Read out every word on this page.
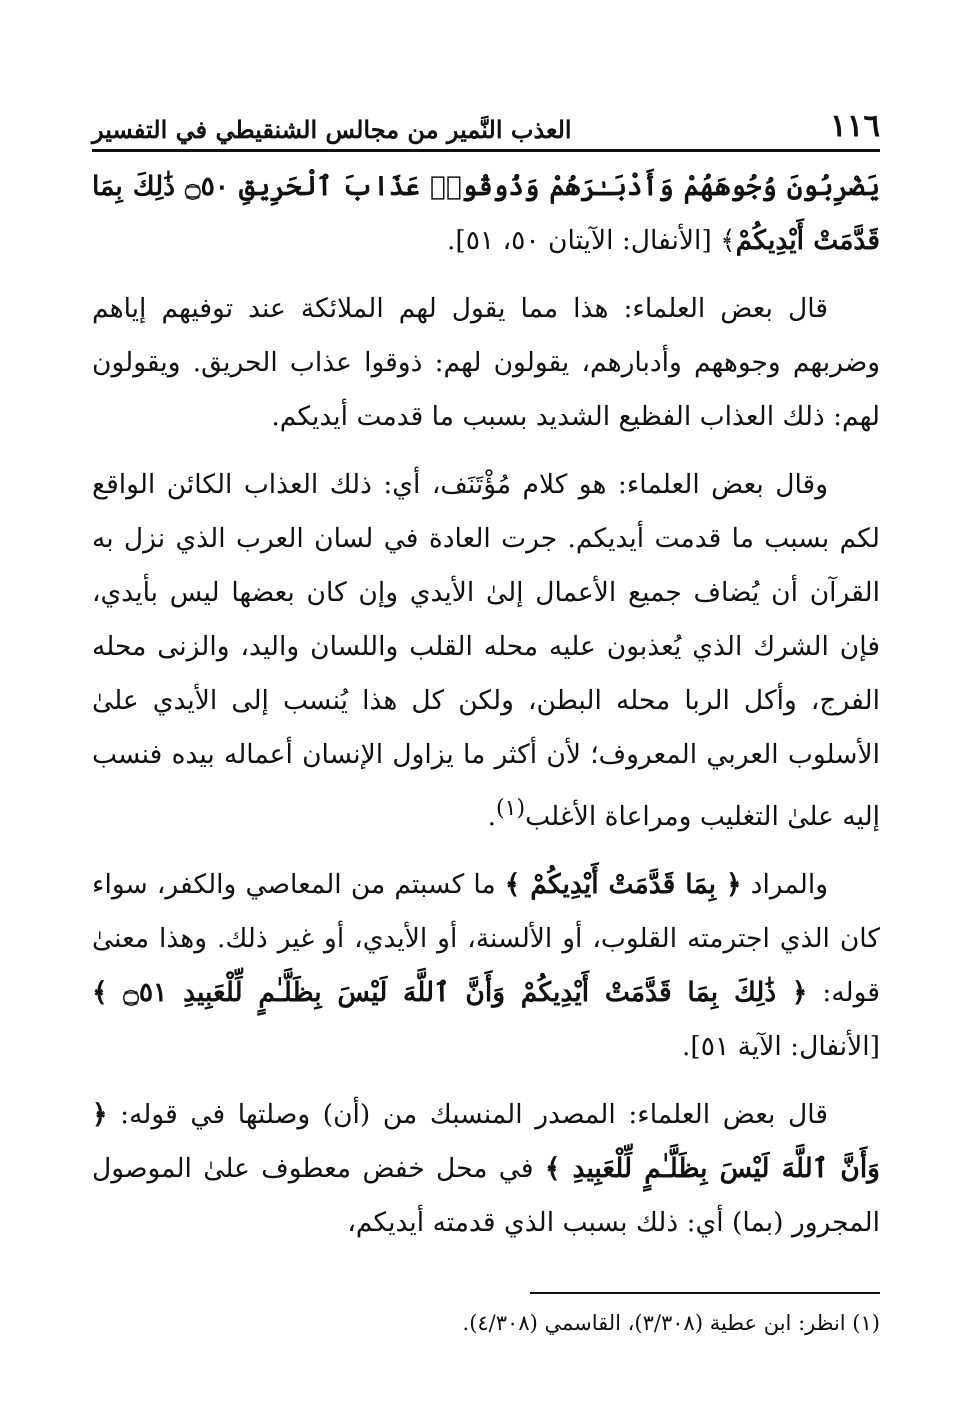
١١٦
العذب النَّمير من مجالس الشنقيطي في التفسير

يَضْرِبُونَ وُجُوهَهُمْ وَأَدْبَـٰرَهُمْ وَذُوقُوا۟ عَذَابَ ٱلْحَرِيقِ ۝٥٠ ذَٰلِكَ بِمَا قَدَّمَتْ أَيْدِيكُمْ﴾ [الأنفال: الآيتان ٥٠، ٥١].

قال بعض العلماء: هذا مما يقول لهم الملائكة عند توفيهم إياهم وضربهم وجوههم وأدبارهم، يقولون لهم: ذوقوا عذاب الحريق. ويقولون لهم: ذلك العذاب الفظيع الشديد بسبب ما قدمت أيديكم.

وقال بعض العلماء: هو كلام مُؤْتَنَف، أي: ذلك العذاب الكائن الواقع لكم بسبب ما قدمت أيديكم. جرت العادة في لسان العرب الذي نزل به القرآن أن يُضاف جميع الأعمال إلىٰ الأيدي وإن كان بعضها ليس بأيدي، فإن الشرك الذي يُعذبون عليه محله القلب واللسان واليد، والزنى محله الفرج، وأكل الربا محله البطن، ولكن كل هذا يُنسب إلى الأيدي علىٰ الأسلوب العربي المعروف؛ لأن أكثر ما يزاول الإنسان أعماله بيده فنسب إليه علىٰ التغليب ومراعاة الأغلب$^{(١)}$.

والمراد ﴿ بِمَا قَدَّمَتْ أَيْدِيكُمْ ﴾ ما كسبتم من المعاصي والكفر، سواء كان الذي اجترمته القلوب، أو الألسنة، أو الأيدي، أو غير ذلك. وهذا معنىٰ قوله: ﴿ ذَٰلِكَ بِمَا قَدَّمَتْ أَيْدِيكُمْ وَأَنَّ ٱللَّهَ لَيْسَ بِظَلَّـٰمٍ لِّلْعَبِيدِ ۝٥١ ﴾ [الأنفال: الآية ٥١].

قال بعض العلماء: المصدر المنسبك من (أن) وصلتها في قوله: ﴿ وَأَنَّ ٱللَّهَ لَيْسَ بِظَلَّـٰمٍ لِّلْعَبِيدِ ﴾ في محل خفض معطوف علىٰ الموصول المجرور (بما) أي: ذلك بسبب الذي قدمته أيديكم،

(١) انظر: ابن عطية (٣/٣٠٨)، القاسمي (٤/٣٠٨).
